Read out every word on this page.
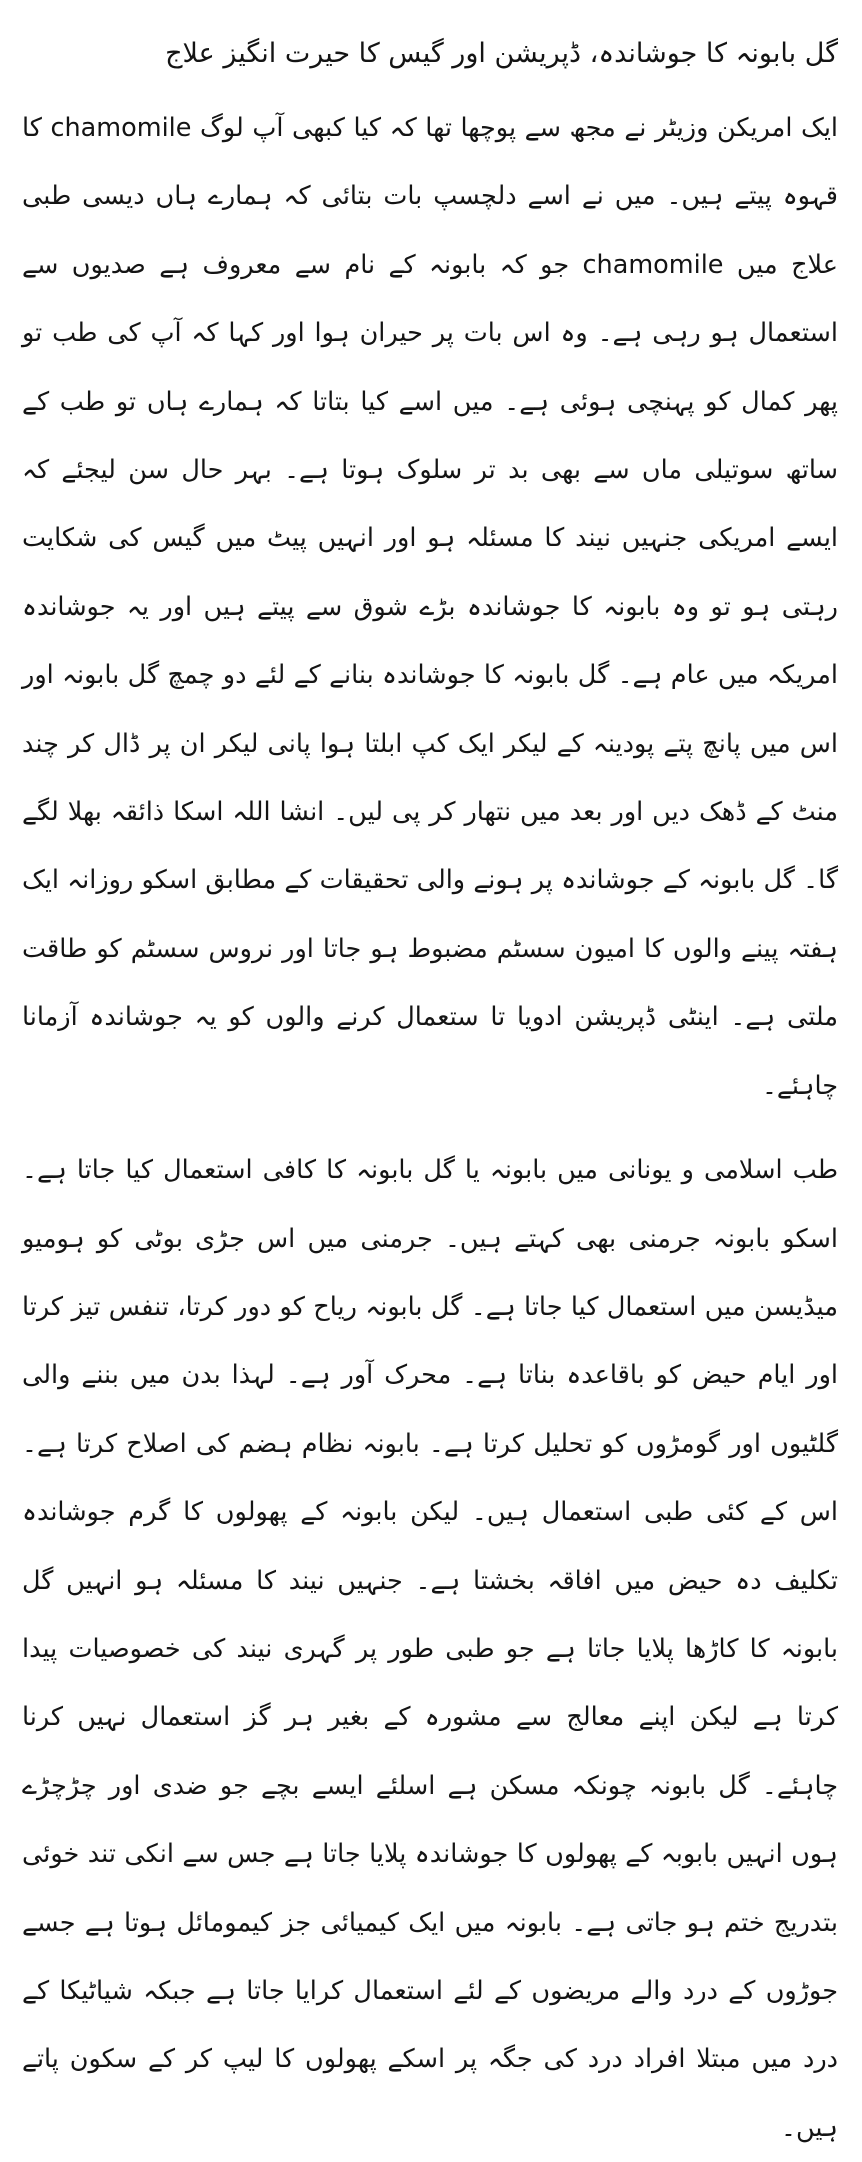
گل بابونہ کا جوشاندہ، ڈپریشن اور گیس کا حیرت انگیز علاج

ایک امریکن وزیٹر نے مجھ سے پوچھا تھا کہ کیا کبھی آپ لوگ chamomile کا قہوہ پیتے ہیں۔ میں نے اسے دلچسپ بات بتائی کہ ہمارے ہاں دیسی طبی علاج میں chamomile جو کہ بابونہ کے نام سے معروف ہے صدیوں سے استعمال ہو رہی ہے۔ وہ اس بات پر حیران ہوا اور کہا کہ آپ کی طب تو پھر کمال کو پہنچی ہوئی ہے۔ میں اسے کیا بتاتا کہ ہمارے ہاں تو طب کے ساتھ سوتیلی ماں سے بھی بد تر سلوک ہوتا ہے۔ بہر حال سن لیجئے کہ ایسے امریکی جنہیں نیند کا مسئلہ ہو اور انہیں پیٹ میں گیس کی شکایت رہتی ہو تو وہ بابونہ کا جوشاندہ بڑے شوق سے پیتے ہیں اور یہ جوشاندہ امریکہ میں عام ہے۔ گل بابونہ کا جوشاندہ بنانے کے لئے دو چمچ گل بابونہ اور اس میں پانچ پتے پودینہ کے لیکر ایک کپ ابلتا ہوا پانی لیکر ان پر ڈال کر چند منٹ کے ڈھک دیں اور بعد میں نتھار کر پی لیں۔ انشا اللہ اسکا ذائقہ بھلا لگے گا۔ گل بابونہ کے جوشاندہ پر ہونے والی تحقیقات کے مطابق اسکو روزانہ ایک ہفتہ پینے والوں کا امیون سسٹم مضبوط ہو جاتا اور نروس سسٹم کو طاقت ملتی ہے۔ اینٹی ڈپریشن ادویا تا ستعمال کرنے والوں کو یہ جوشاندہ آزمانا چاہئے۔

طب اسلامی و یونانی میں بابونہ یا گل بابونہ کا کافی استعمال کیا جاتا ہے۔ اسکو بابونہ جرمنی بھی کہتے ہیں۔ جرمنی میں اس جڑی بوٹی کو ہومیو میڈیسن میں استعمال کیا جاتا ہے۔ گل بابونہ ریاح کو دور کرتا، تنفس تیز کرتا اور ایام حیض کو باقاعدہ بناتا ہے۔ محرک آور ہے۔ لہذا بدن میں بننے والی گلٹیوں اور گومڑوں کو تحلیل کرتا ہے۔ بابونہ نظام ہضم کی اصلاح کرتا ہے۔ اس کے کئی طبی استعمال ہیں۔ لیکن بابونہ کے پھولوں کا گرم جوشاندہ تکلیف دہ حیض میں افاقہ بخشتا ہے۔ جنہیں نیند کا مسئلہ ہو انہیں گل بابونہ کا کاڑھا پلایا جاتا ہے جو طبی طور پر گہری نیند کی خصوصیات پیدا کرتا ہے لیکن اپنے معالج سے مشورہ کے بغیر ہر گز استعمال نہیں کرنا چاہئے۔ گل بابونہ چونکہ مسکن ہے اسلئے ایسے بچے جو ضدی اور چڑچڑے ہوں انہیں بابوبہ کے پھولوں کا جوشاندہ پلایا جاتا ہے جس سے انکی تند خوئی بتدریج ختم ہو جاتی ہے۔ بابونہ میں ایک کیمیائی جز کیمومائل ہوتا ہے جسے جوڑوں کے درد والے مریضوں کے لئے استعمال کرایا جاتا ہے جبکہ شیاٹیکا کے درد میں مبتلا افراد درد کی جگہ پر اسکے پھولوں کا لیپ کر کے سکون پاتے ہیں۔
